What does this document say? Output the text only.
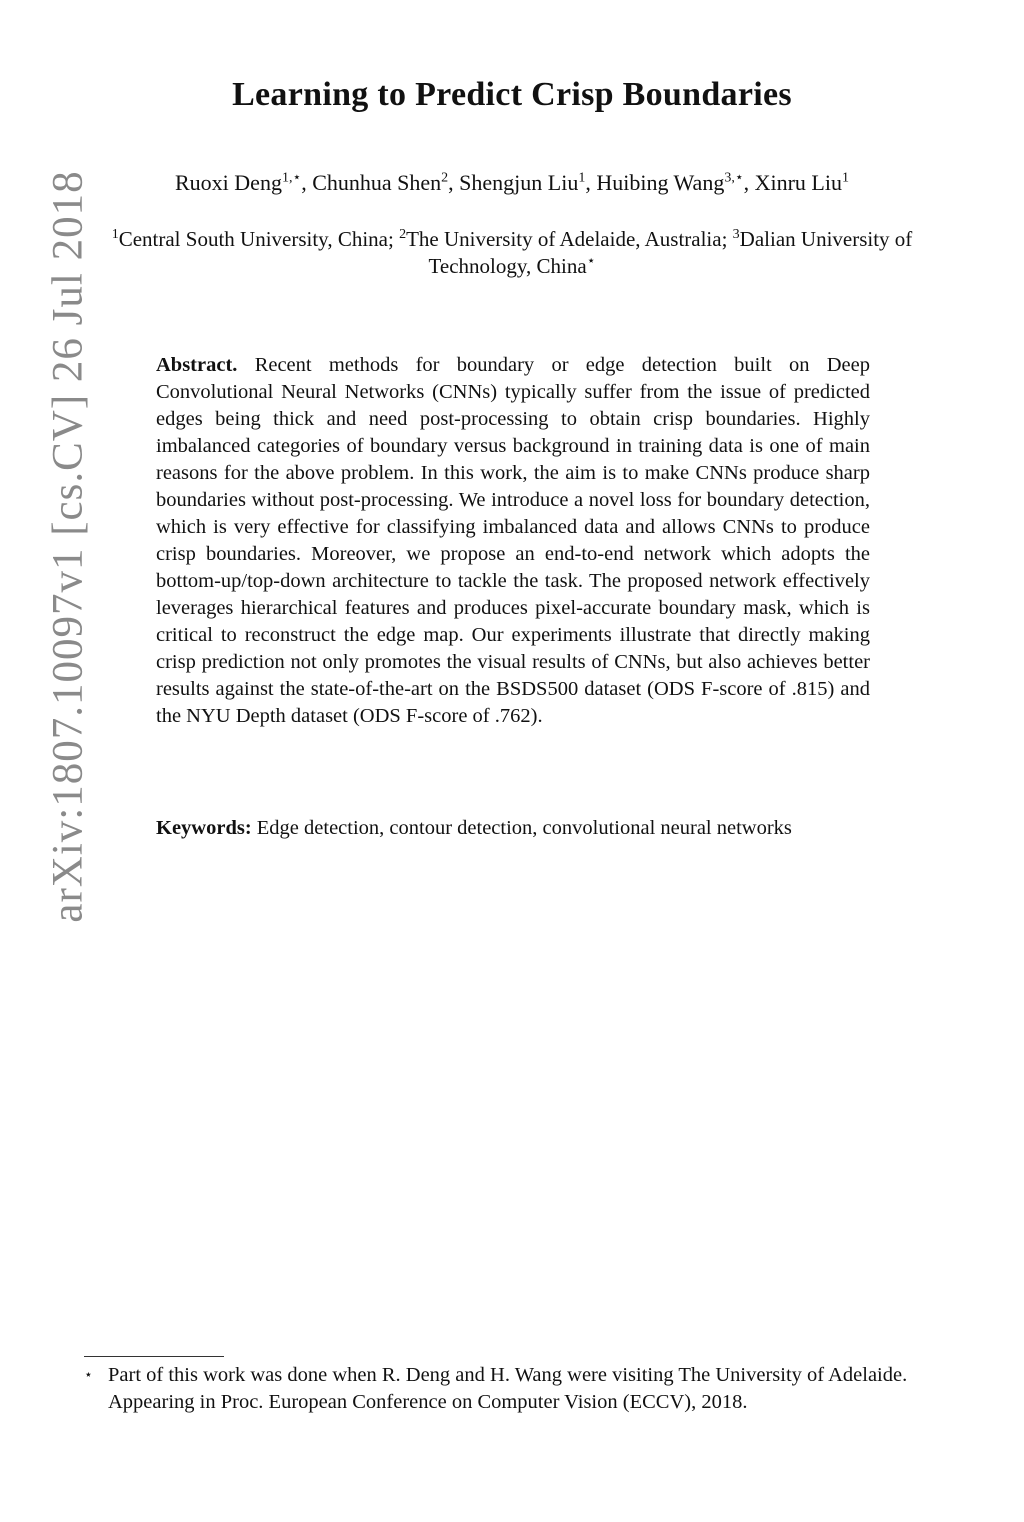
arXiv:1807.10097v1 [cs.CV] 26 Jul 2018
Learning to Predict Crisp Boundaries
Ruoxi Deng$^{1,⋆}$, Chunhua Shen$^2$, Shengjun Liu$^1$, Huibing Wang$^{3,⋆}$, Xinru Liu$^1$
$^1$Central South University, China; $^2$The University of Adelaide, Australia; $^3$Dalian University of Technology, China⋆
Abstract. Recent methods for boundary or edge detection built on Deep Convolutional Neural Networks (CNNs) typically suffer from the issue of predicted edges being thick and need post-processing to obtain crisp boundaries. Highly imbalanced categories of boundary versus background in training data is one of main reasons for the above problem. In this work, the aim is to make CNNs produce sharp boundaries without post-processing. We introduce a novel loss for boundary detection, which is very effective for classifying imbalanced data and allows CNNs to produce crisp boundaries. Moreover, we propose an end-to-end network which adopts the bottom-up/top-down architecture to tackle the task. The proposed network effectively leverages hierarchical features and produces pixel-accurate boundary mask, which is critical to reconstruct the edge map. Our experiments illustrate that directly making crisp prediction not only promotes the visual results of CNNs, but also achieves better results against the state-of-the-art on the BSDS500 dataset (ODS F-score of .815) and the NYU Depth dataset (ODS F-score of .762).
Keywords: Edge detection, contour detection, convolutional neural networks
⋆ Part of this work was done when R. Deng and H. Wang were visiting The University of Adelaide. Appearing in Proc. European Conference on Computer Vision (ECCV), 2018.
